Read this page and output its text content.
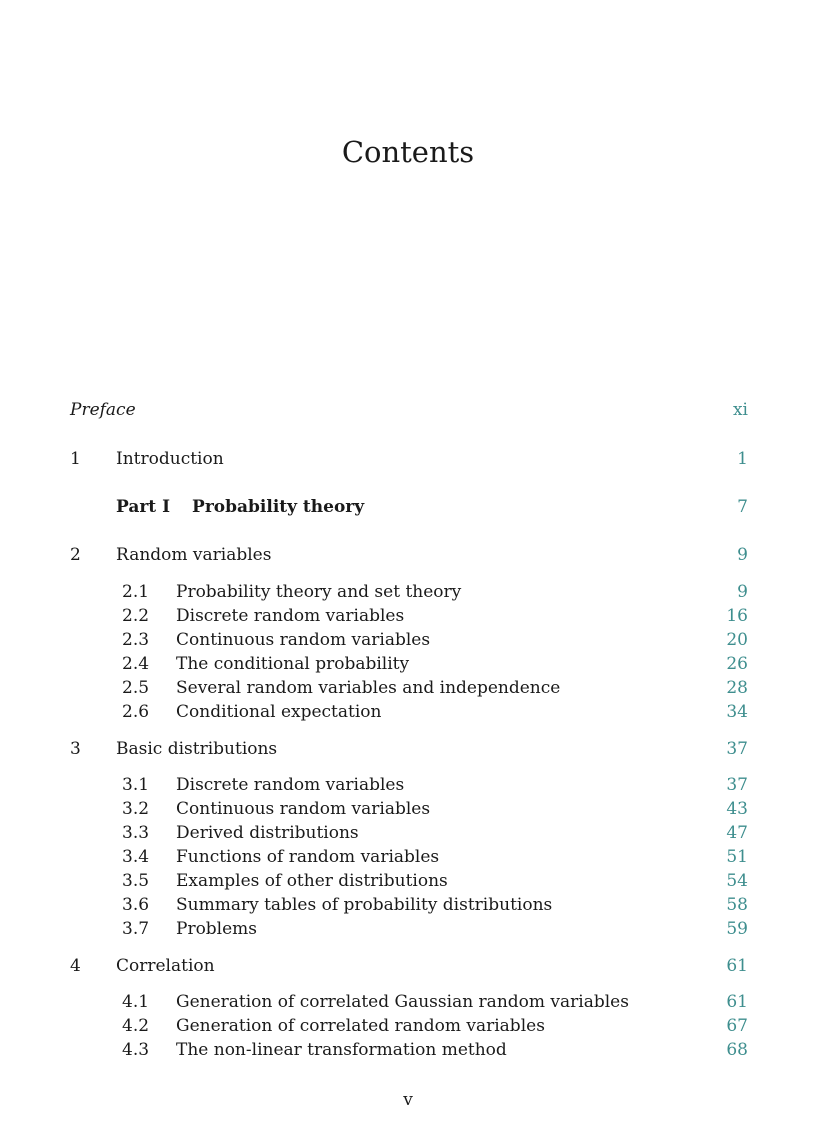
Contents
Preface	xi
1 Introduction	1
Part I Probability theory	7
2 Random variables	9
2.1 Probability theory and set theory	9
2.2 Discrete random variables	16
2.3 Continuous random variables	20
2.4 The conditional probability	26
2.5 Several random variables and independence	28
2.6 Conditional expectation	34
3 Basic distributions	37
3.1 Discrete random variables	37
3.2 Continuous random variables	43
3.3 Derived distributions	47
3.4 Functions of random variables	51
3.5 Examples of other distributions	54
3.6 Summary tables of probability distributions	58
3.7 Problems	59
4 Correlation	61
4.1 Generation of correlated Gaussian random variables	61
4.2 Generation of correlated random variables	67
4.3 The non-linear transformation method	68
v
